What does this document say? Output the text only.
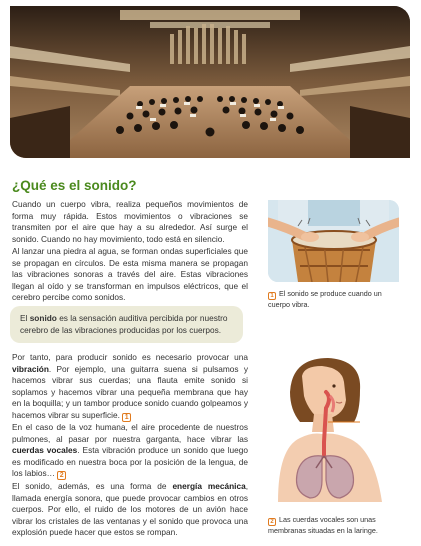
¿Qué es el sonido?

Cuando un cuerpo vibra, realiza pequeños movimientos de forma muy rápida. Estos movimientos o vibraciones se transmiten por el aire que hay a su alrededor. Así surge el sonido. Cuando no hay movimiento, todo está en silencio.

Al lanzar una piedra al agua, se forman ondas superficiales que se propagan en círculos. De esta misma manera se propagan las vibraciones sonoras a través del aire. Estas vibraciones llegan al oído y se transforman en impulsos eléctricos, que el cerebro percibe como sonidos.

El sonido es la sensación auditiva percibida por nuestro cerebro de las vibraciones producidas por los cuerpos.

Por tanto, para producir sonido es necesario provocar una vibración. Por ejemplo, una guitarra suena si pulsamos y hacemos vibrar sus cuerdas; una flauta emite sonido si soplamos y hacemos vibrar una pequeña membrana que hay en la boquilla; y un tambor produce sonido cuando golpeamos y hacemos vibrar su superficie. 1

En el caso de la voz humana, el aire procedente de nuestros pulmones, al pasar por nuestra garganta, hace vibrar las cuerdas vocales. Esta vibración produce un sonido que luego es modificado en nuestra boca por la posición de la lengua, de los labios… 2

El sonido, además, es una forma de energía mecánica, llamada energía sonora, que puede provocar cambios en otros cuerpos. Por ello, el ruido de los motores de un avión hace vibrar los cristales de las ventanas y el sonido que provoca una explosión puede hacer que estos se rompan.

1 El sonido se produce cuando un cuerpo vibra.
2 Las cuerdas vocales son unas membranas situadas en la laringe.
